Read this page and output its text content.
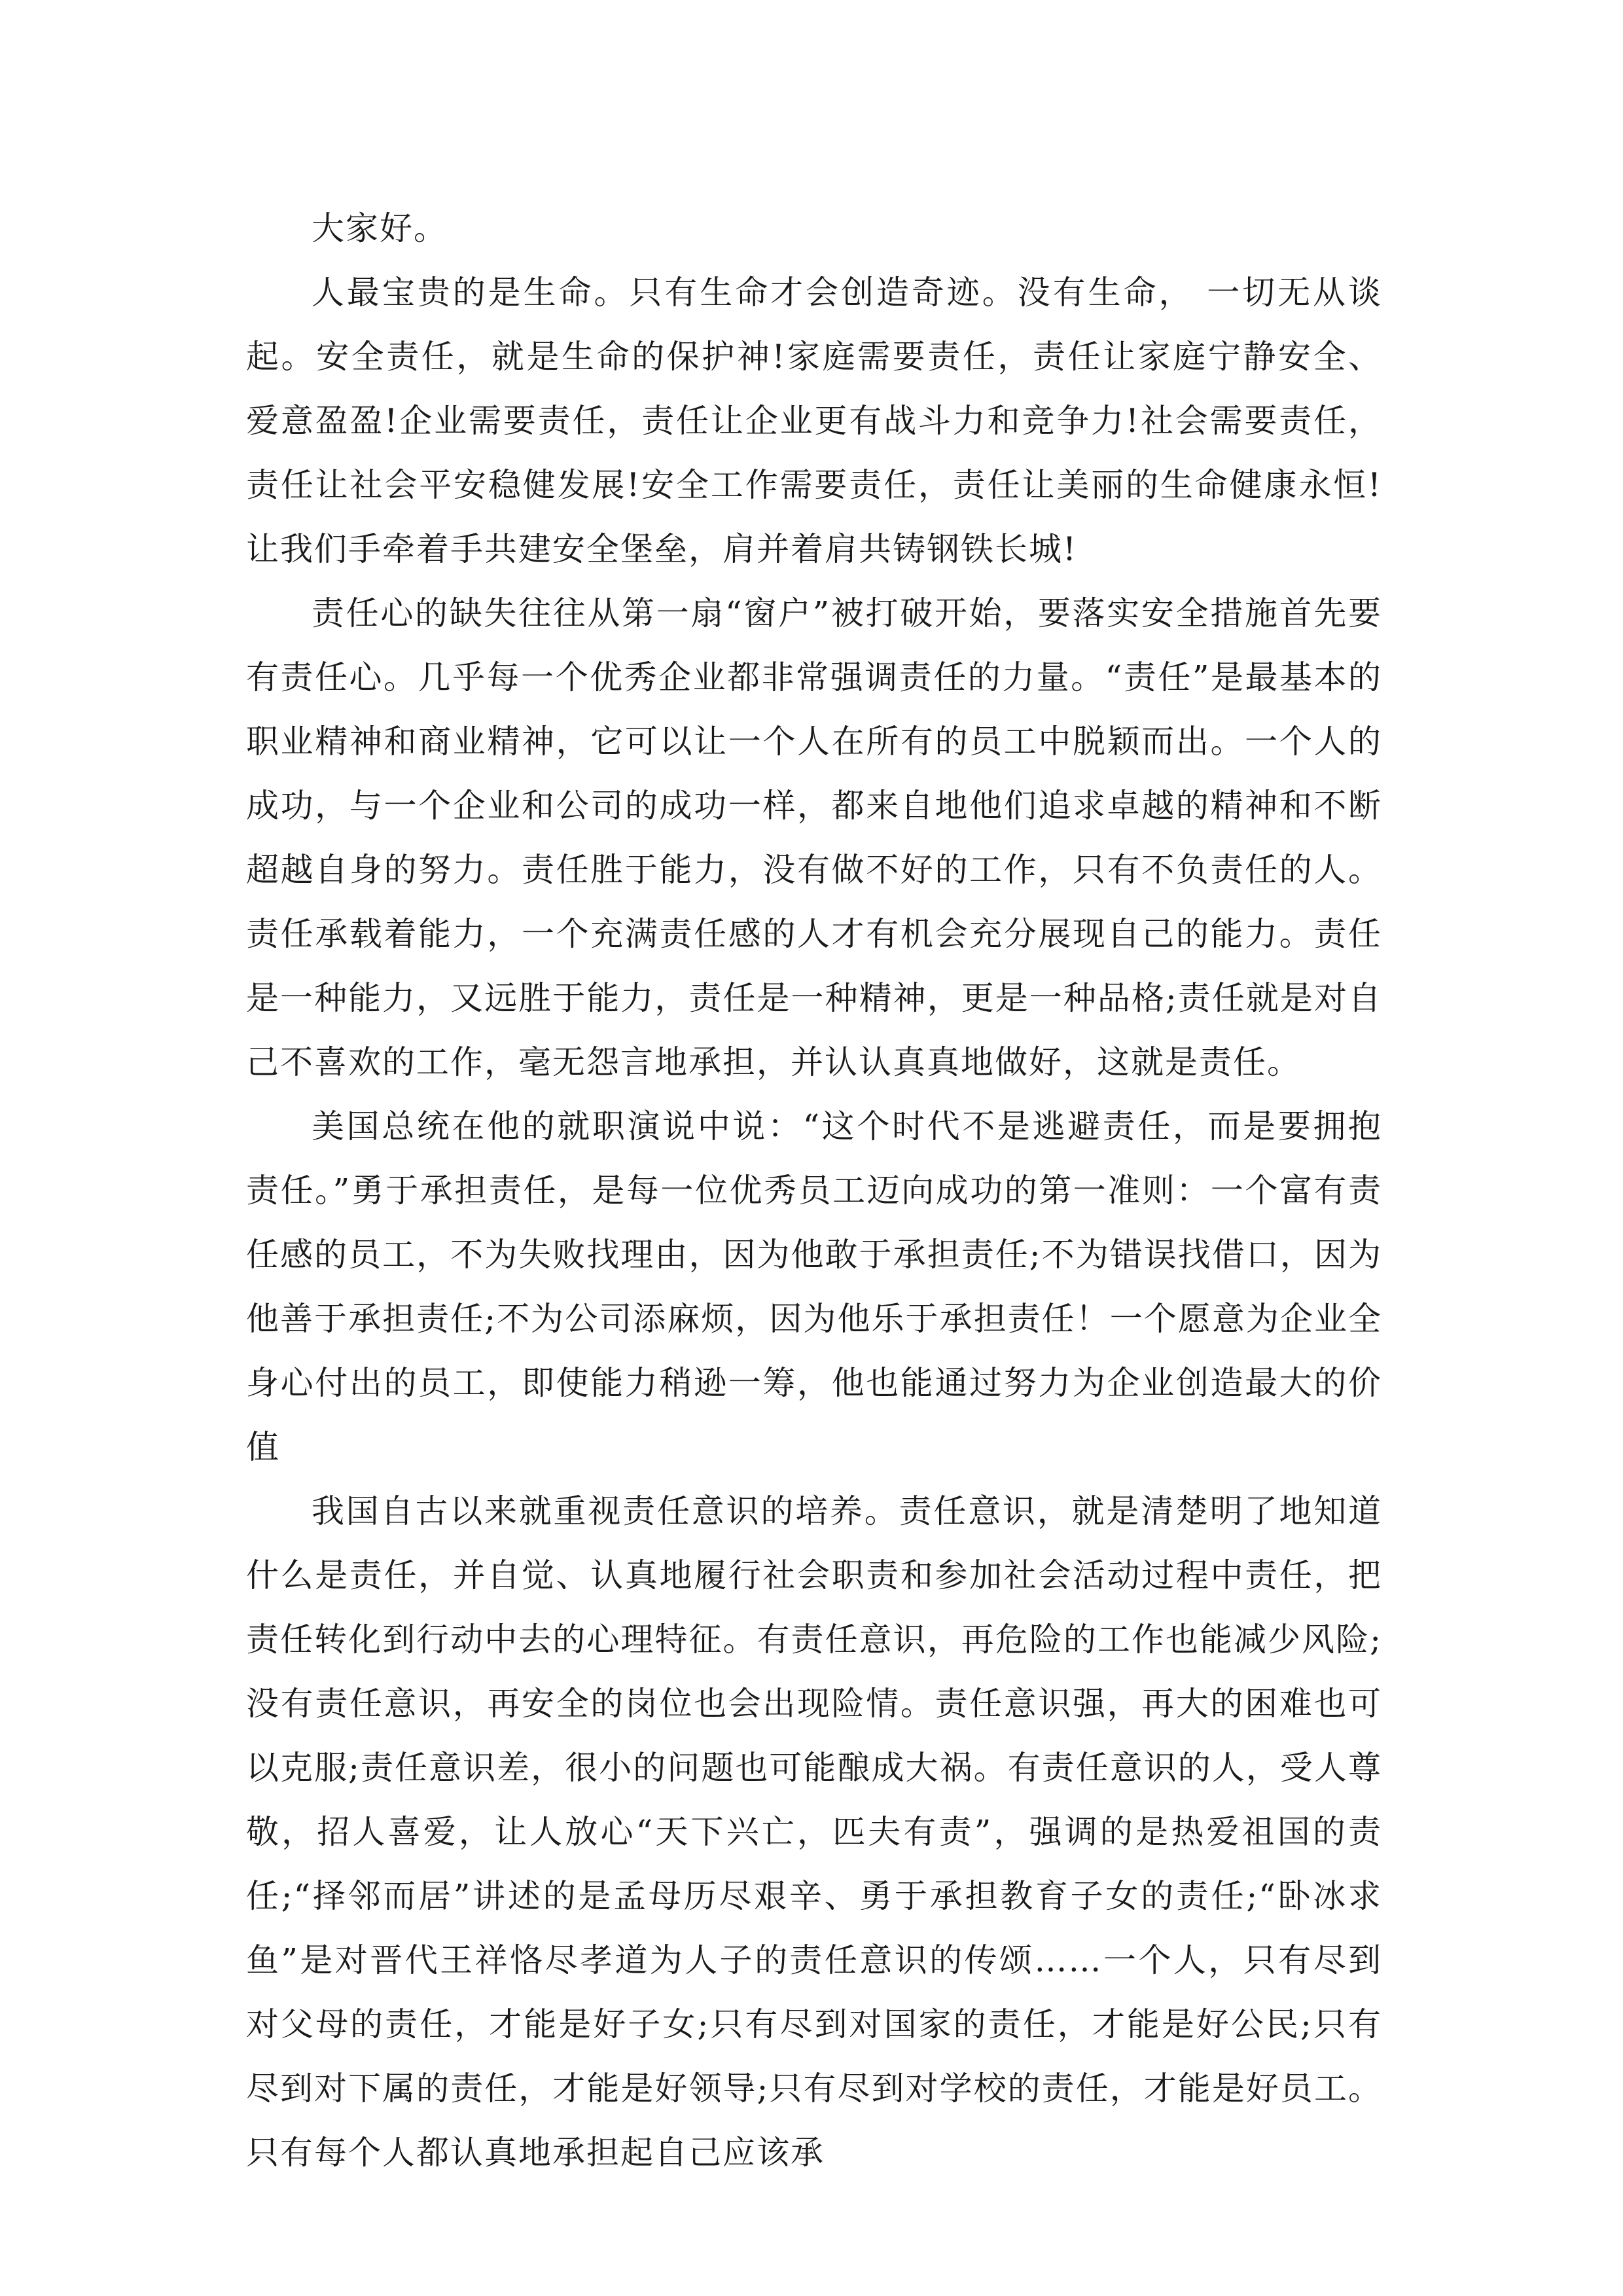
大家好。

人最宝贵的是生命。只有生命才会创造奇迹。没有生命， 一切无从谈起。安全责任，就是生命的保护神!家庭需要责任，责任让家庭宁静安全、爱意盈盈!企业需要责任，责任让企业更有战斗力和竞争力!社会需要责任，责任让社会平安稳健发展!安全工作需要责任，责任让美丽的生命健康永恒!让我们手牵着手共建安全堡垒，肩并着肩共铸钢铁长城!

责任心的缺失往往从第一扇“窗户”被打破开始，要落实安全措施首先要有责任心。几乎每一个优秀企业都非常强调责任的力量。“责任”是最基本的职业精神和商业精神，它可以让一个人在所有的员工中脱颖而出。一个人的成功，与一个企业和公司的成功一样，都来自地他们追求卓越的精神和不断超越自身的努力。责任胜于能力，没有做不好的工作，只有不负责任的人。责任承载着能力，一个充满责任感的人才有机会充分展现自己的能力。责任是一种能力，又远胜于能力，责任是一种精神，更是一种品格;责任就是对自己不喜欢的工作，毫无怨言地承担，并认认真真地做好，这就是责任。

美国总统在他的就职演说中说：“这个时代不是逃避责任，而是要拥抱责任。”勇于承担责任，是每一位优秀员工迈向成功的第一准则：一个富有责任感的员工，不为失败找理由，因为他敢于承担责任;不为错误找借口，因为他善于承担责任;不为公司添麻烦，因为他乐于承担责任！一个愿意为企业全身心付出的员工，即使能力稍逊一筹，他也能通过努力为企业创造最大的价值

我国自古以来就重视责任意识的培养。责任意识，就是清楚明了地知道什么是责任，并自觉、认真地履行社会职责和参加社会活动过程中责任，把责任转化到行动中去的心理特征。有责任意识，再危险的工作也能减少风险;没有责任意识，再安全的岗位也会出现险情。责任意识强，再大的困难也可以克服;责任意识差，很小的问题也可能酿成大祸。有责任意识的人，受人尊敬，招人喜爱，让人放心“天下兴亡，匹夫有责”，强调的是热爱祖国的责任;“择邻而居”讲述的是孟母历尽艰辛、勇于承担教育子女的责任;“卧冰求鱼”是对晋代王祥恪尽孝道为人子的责任意识的传颂……一个人，只有尽到对父母的责任，才能是好子女;只有尽到对国家的责任，才能是好公民;只有尽到对下属的责任，才能是好领导;只有尽到对学校的责任，才能是好员工。只有每个人都认真地承担起自己应该承
